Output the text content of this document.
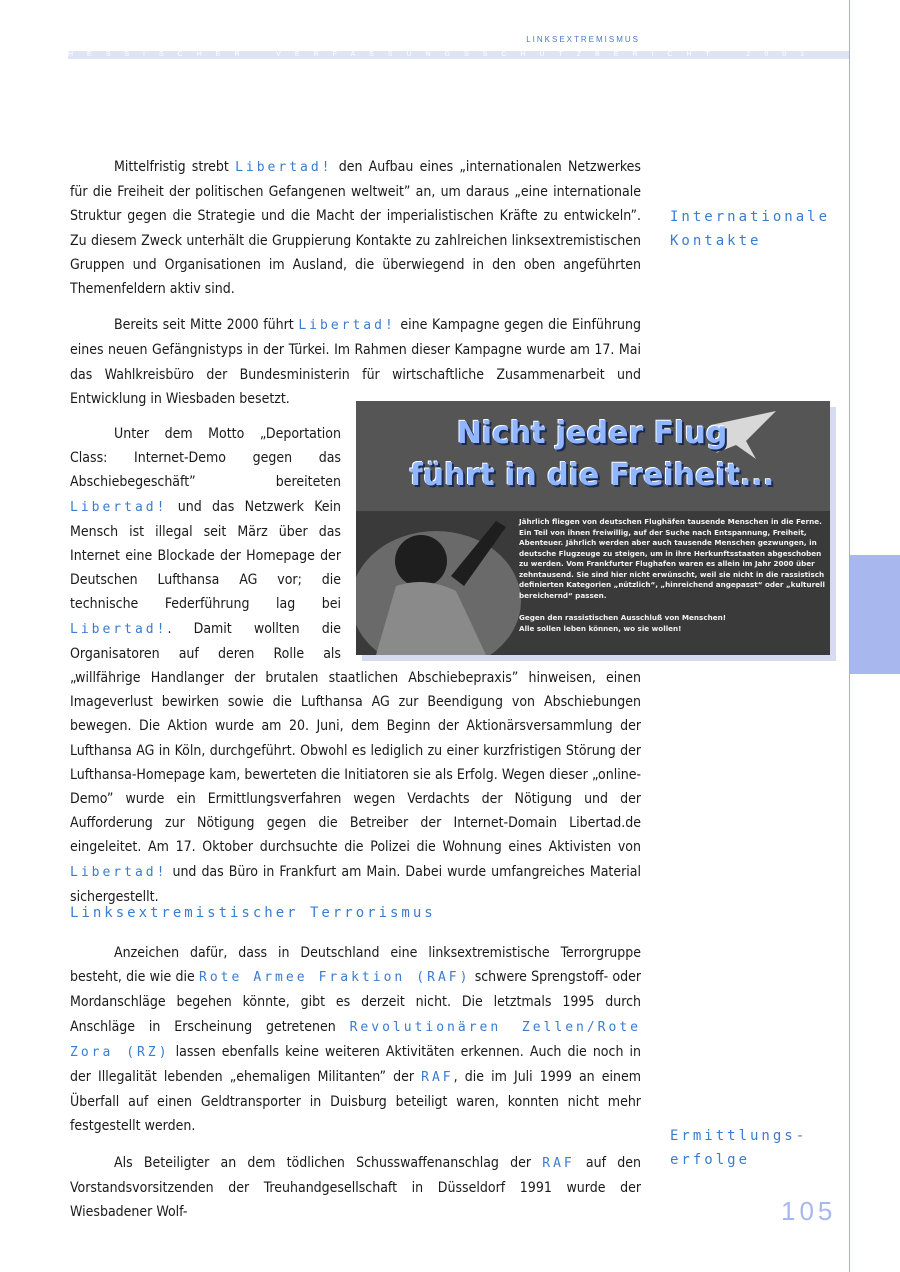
LINKSEXTREMISMUS
HESSISCHER	VERFASSUNGSSCHUTZBERICHT	2001

Mittelfristig strebt Libertad! den Aufbau eines „internationalen Netzwerkes für die Freiheit der politischen Gefangenen weltweit” an, um daraus „eine internationale Struktur gegen die Strategie und die Macht der imperialistischen Kräfte zu entwickeln”. Zu diesem Zweck unterhält die Gruppierung Kontakte zu zahlreichen linksextremistischen Gruppen und Organisationen im Ausland, die überwiegend in den oben angeführten Themenfeldern aktiv sind.

Bereits seit Mitte 2000 führt Libertad! eine Kampagne gegen die Einführung eines neuen Gefängnistyps in der Türkei. Im Rahmen dieser Kampagne wurde am 17. Mai das Wahlkreisbüro der Bundesministerin für wirtschaftliche Zusammenarbeit und Entwicklung in Wiesbaden besetzt.

Unter dem Motto „Deportation Class: Internet-Demo gegen das Abschiebegeschäft” bereiteten Libertad! und das Netzwerk Kein Mensch ist illegal seit März über das Internet eine Blockade der Homepage der Deutschen Lufthansa AG vor; die technische Federführung lag bei Libertad!. Damit wollten die Organisatoren auf deren Rolle als „willfährige Handlanger der brutalen staatlichen Abschiebepraxis” hinweisen, einen Imageverlust bewirken sowie die Lufthansa AG zur Beendigung von Abschiebungen bewegen. Die Aktion wurde am 20. Juni, dem Beginn der Aktionärsversammlung der Lufthansa AG in Köln, durchgeführt. Obwohl es lediglich zu einer kurzfristigen Störung der Lufthansa-Homepage kam, bewerteten die Initiatoren sie als Erfolg. Wegen dieser „online-Demo” wurde ein Ermittlungsverfahren wegen Verdachts der Nötigung und der Aufforderung zur Nötigung gegen die Betreiber der Internet-Domain Libertad.de eingeleitet. Am 17. Oktober durchsuchte die Polizei die Wohnung eines Aktivisten von Libertad! und das Büro in Frankfurt am Main. Dabei wurde umfangreiches Material sichergestellt.

Nicht jeder Flug
führt in die Freiheit...
Jährlich fliegen von deutschen Flughäfen tausende Menschen in die Ferne. Ein Teil von ihnen freiwillig, auf der Suche nach Entspannung, Freiheit, Abenteuer. Jährlich werden aber auch tausende Menschen gezwungen, in deutsche Flugzeuge zu steigen, um in ihre Herkunftsstaaten abgeschoben zu werden. Vom Frankfurter Flughafen waren es allein im Jahr 2000 über zehntausend. Sie sind hier nicht erwünscht, weil sie nicht in die rassistisch definierten Kategorien „nützlich“, „hinreichend angepasst“ oder „kulturell bereichernd“ passen.
Gegen den rassistischen Ausschluß von Menschen!
Alle sollen leben können, wo sie wollen!
Internationale
Kontakte
Linksextremistischer Terrorismus

Anzeichen dafür, dass in Deutschland eine linksextremistische Terrorgruppe besteht, die wie die Rote Armee Fraktion (RAF) schwere Sprengstoff- oder Mordanschläge begehen könnte, gibt es derzeit nicht. Die letztmals 1995 durch Anschläge in Erscheinung getretenen Revolutionären Zellen/Rote Zora (RZ) lassen ebenfalls keine weiteren Aktivitäten erkennen. Auch die noch in der Illegalität lebenden „ehemaligen Militanten” der RAF, die im Juli 1999 an einem Überfall auf einen Geldtransporter in Duisburg beteiligt waren, konnten nicht mehr festgestellt werden.

Als Beteiligter an dem tödlichen Schusswaffenanschlag der RAF auf den Vorstandsvorsitzenden der Treuhandgesellschaft in Düsseldorf 1991 wurde der Wiesbadener Wolf-

Ermittlungs-
erfolge
105
